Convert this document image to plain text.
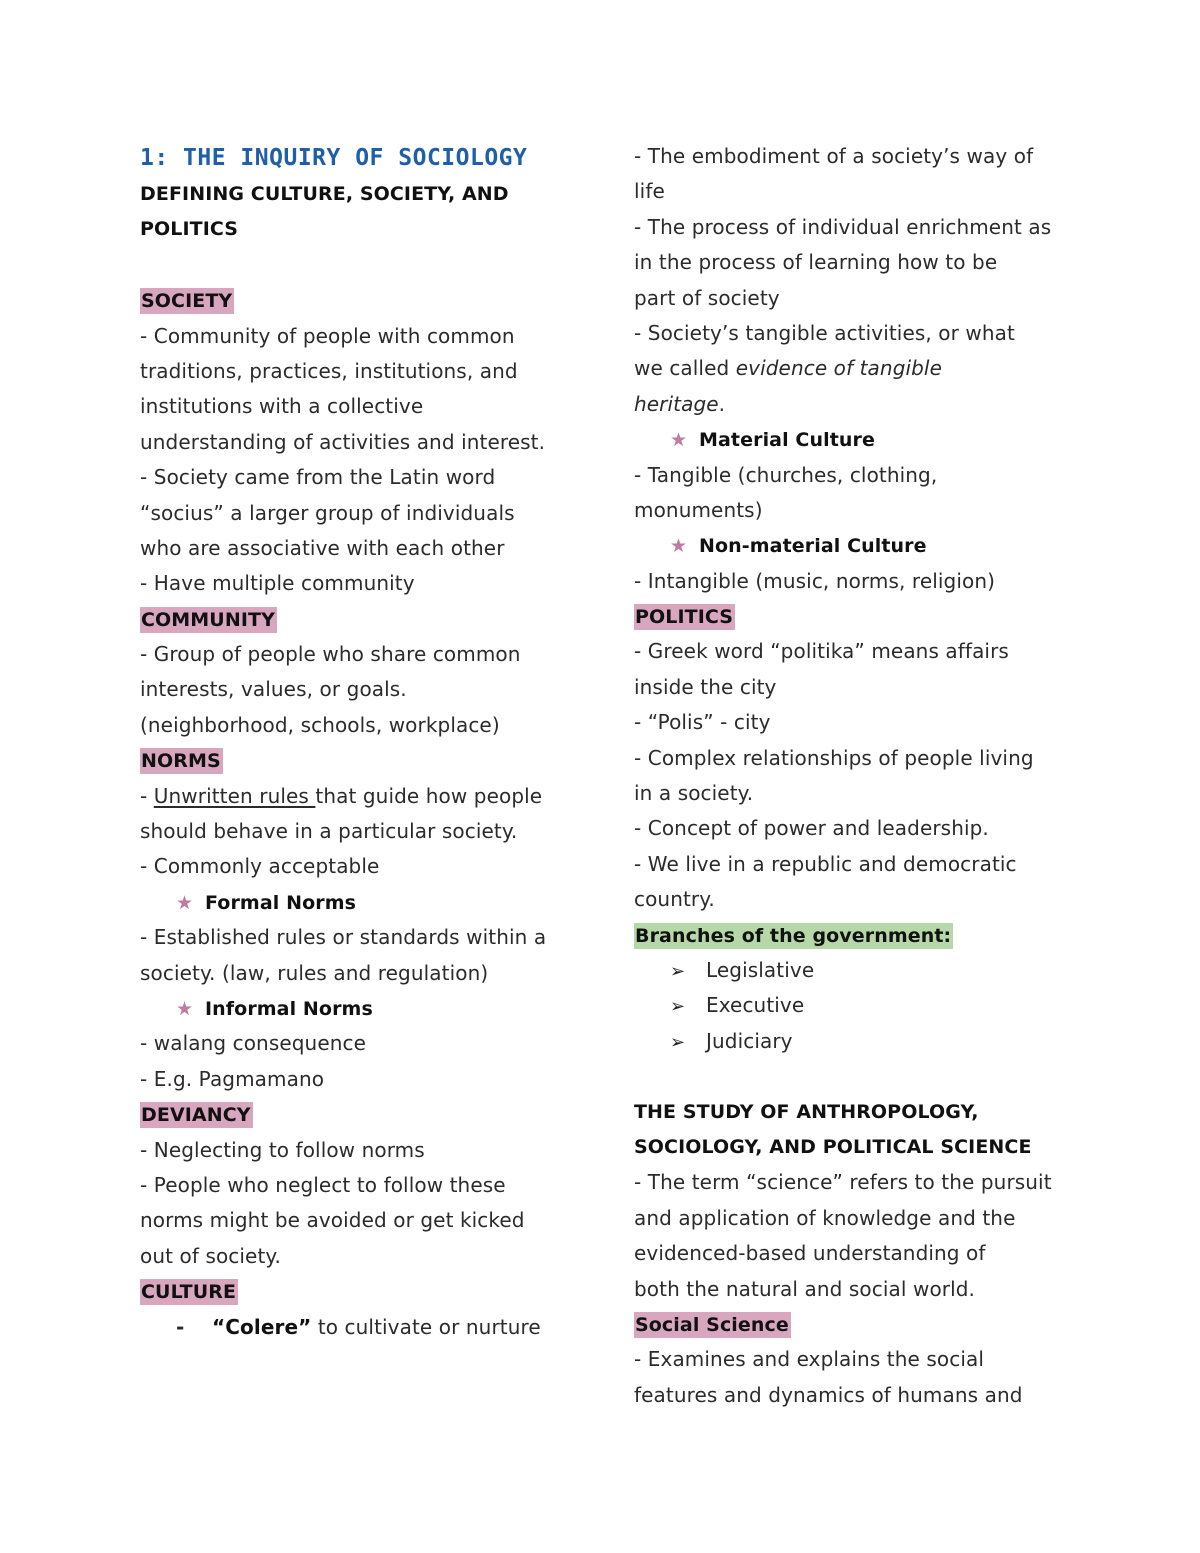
1: THE INQUIRY OF SOCIOLOGY
DEFINING CULTURE, SOCIETY, AND
POLITICS
SOCIETY
- Community of people with common
traditions, practices, institutions, and
institutions with a collective
understanding of activities and interest.
- Society came from the Latin word
“socius” a larger group of individuals
who are associative with each other
- Have multiple community
COMMUNITY
- Group of people who share common
interests, values, or goals.
(neighborhood, schools, workplace)
NORMS
- Unwritten rules that guide how people
should behave in a particular society.
- Commonly acceptable
★ Formal Norms
- Established rules or standards within a
society. (law, rules and regulation)
★ Informal Norms
- walang consequence
- E.g. Pagmamano
DEVIANCY
- Neglecting to follow norms
- People who neglect to follow these
norms might be avoided or get kicked
out of society.
CULTURE
- “Colere” to cultivate or nurture
- The embodiment of a society’s way of
life
- The process of individual enrichment as
in the process of learning how to be
part of society
- Society’s tangible activities, or what
we called evidence of tangible
heritage.
★ Material Culture
- Tangible (churches, clothing,
monuments)
★ Non-material Culture
- Intangible (music, norms, religion)
POLITICS
- Greek word “politika” means affairs
inside the city
- “Polis” - city
- Complex relationships of people living
in a society.
- Concept of power and leadership.
- We live in a republic and democratic
country.
Branches of the government:
➢ Legislative
➢ Executive
➢ Judiciary
THE STUDY OF ANTHROPOLOGY,
SOCIOLOGY, AND POLITICAL SCIENCE
- The term “science” refers to the pursuit
and application of knowledge and the
evidenced-based understanding of
both the natural and social world.
Social Science
- Examines and explains the social
features and dynamics of humans and
